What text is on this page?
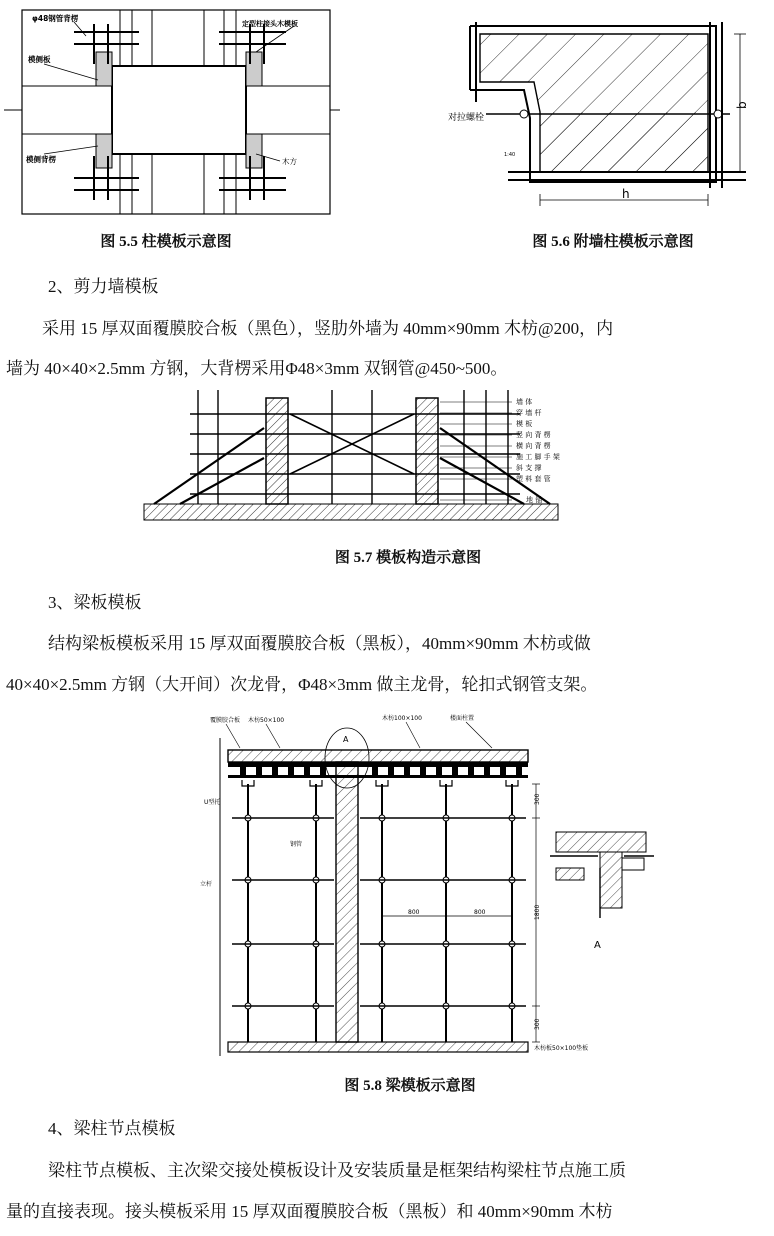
φ48钢管背楞
模侧板
定型柱接头木模板
模侧背楞	木方
图 5.5 柱模板示意图
b
h
对拉螺栓
1:40
图 5.6 附墙柱模板示意图
2、剪力墙模板
采用 15 厚双面覆膜胶合板（黑色），竖肋外墙为 40mm×90mm 木枋@200，内
墙为 40×40×2.5mm 方钢，大背楞采用Φ48×3mm 双钢管@450~500。
墙 体
穿 墙 杆
模 板
竖 向 背 楞
横 向 背 楞
施 工 脚 手 架
斜 支 撑
塑 料 套 管
地 锚
图 5.7 模板构造示意图
3、梁板模板
结构梁板模板采用 15 厚双面覆膜胶合板（黑板），40mm×90mm 木枋或做
40×40×2.5mm 方钢（大开间）次龙骨，Φ48×3mm 做主龙骨，轮扣式钢管支架。
300
1800
300
800	800
覆膜胶合板 木枋50×100	木枋100×100	楼面柱置
U型托
钢管
立杆
木枋板50×100垫板
A
A
图 5.8 梁模板示意图
4、梁柱节点模板
梁柱节点模板、主次梁交接处模板设计及安装质量是框架结构梁柱节点施工质
量的直接表现。接头模板采用 15 厚双面覆膜胶合板（黑板）和 40mm×90mm 木枋
